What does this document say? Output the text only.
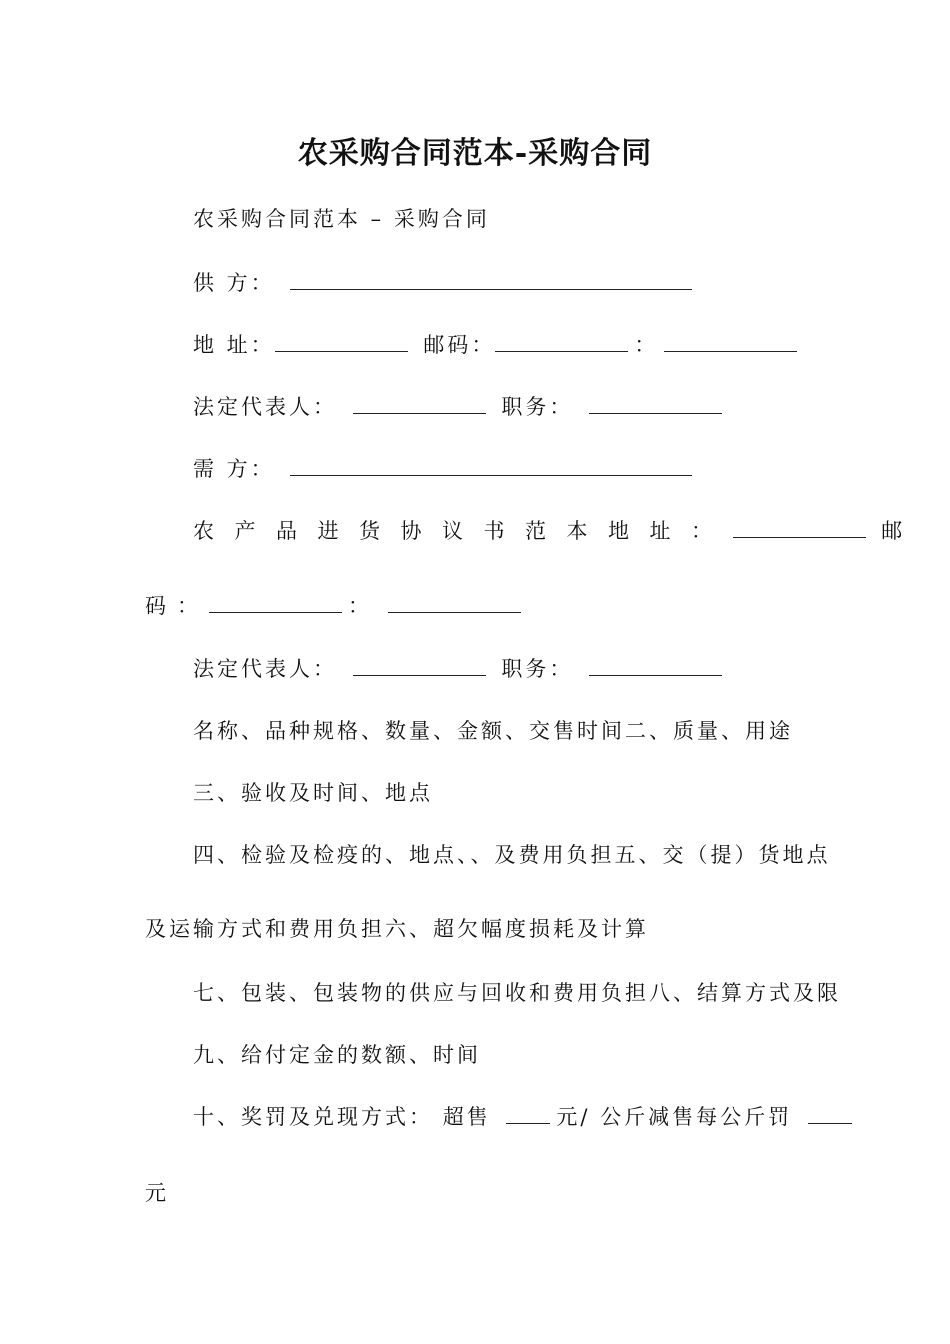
农采购合同范本-采购合同
农采购合同范本 – 采购合同
供 方：
地 址：	邮码：	：
法定代表人：	职务：
需 方：
农产品进货协议书范本地址：	邮
码：	：
法定代表人：	职务：
名称、品种规格、数量、金额、交售时间二、质量、用途
三、验收及时间、地点
四、检验及检疫的、地点、、及费用负担五、交（提）货地点
及运输方式和费用负担六、超欠幅度损耗及计算
七、包装、包装物的供应与回收和费用负担八、结算方式及限
九、给付定金的数额、时间
十、奖罚及兑现方式： 超售	元/ 公斤减售每公斤罚
元
